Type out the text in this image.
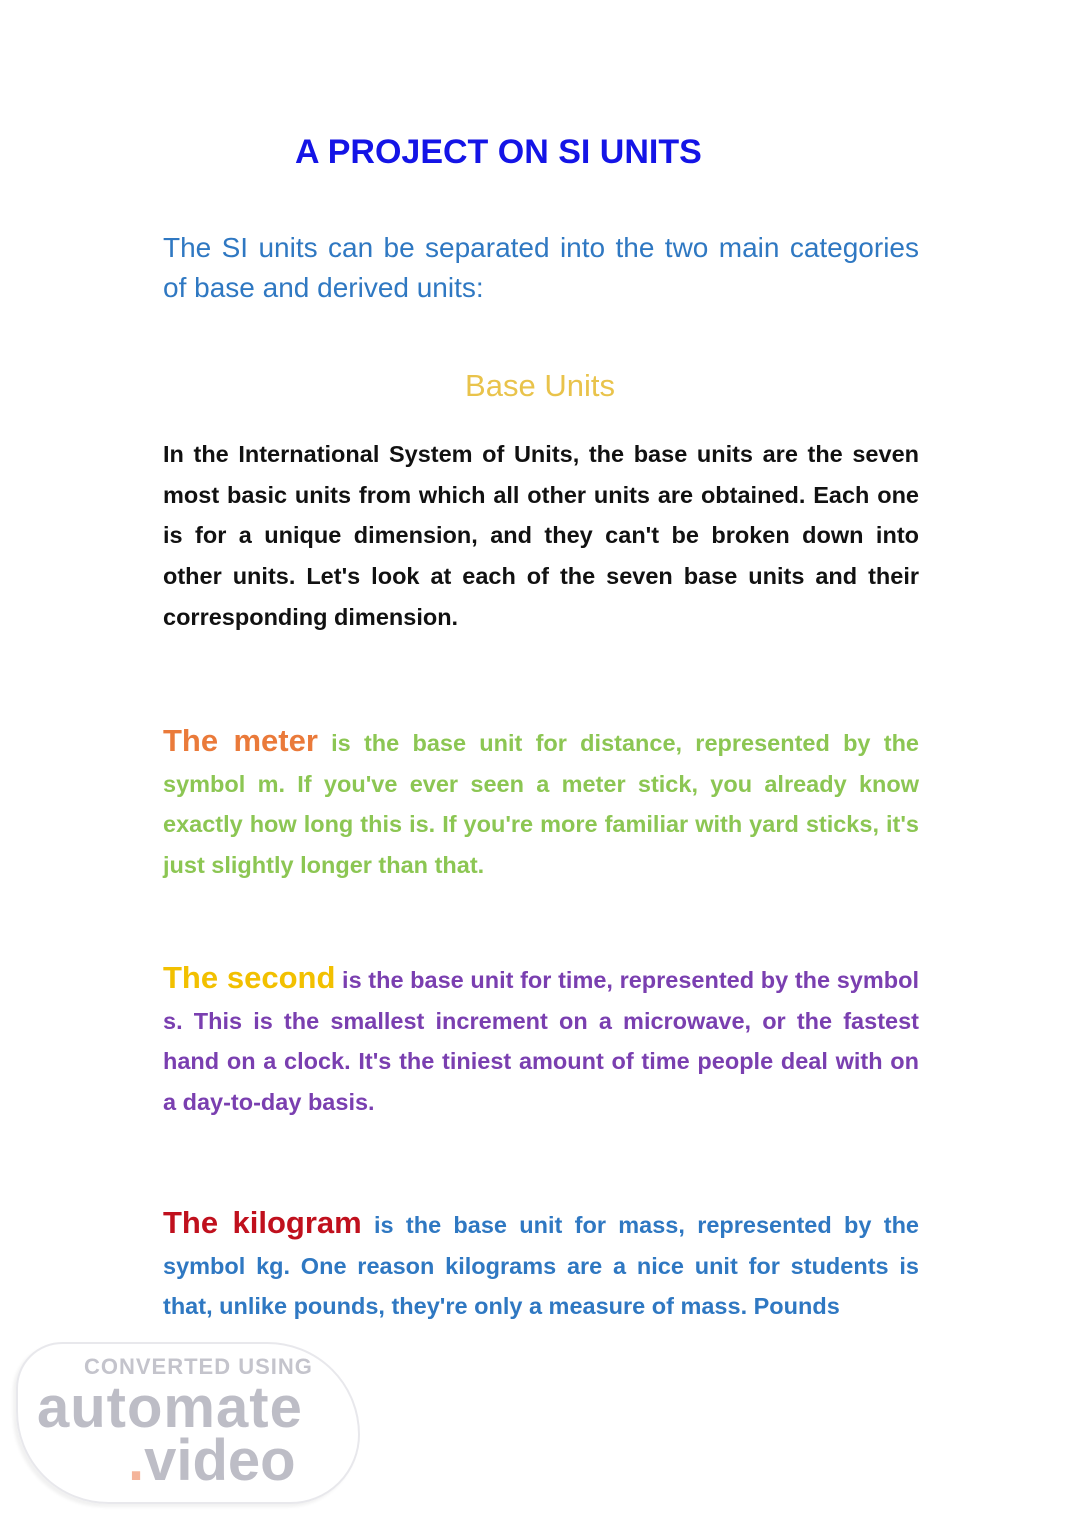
A PROJECT ON SI UNITS
The SI units can be separated into the two main categories of base and derived units:
Base Units
In the International System of Units, the base units are the seven most basic units from which all other units are obtained. Each one is for a unique dimension, and they can't be broken down into other units. Let's look at each of the seven base units and their corresponding dimension.
The meter is the base unit for distance, represented by the symbol m. If you've ever seen a meter stick, you already know exactly how long this is. If you're more familiar with yard sticks, it's just slightly longer than that.
The second is the base unit for time, represented by the symbol s. This is the smallest increment on a microwave, or the fastest hand on a clock. It's the tiniest amount of time people deal with on a day-to-day basis.
The kilogram is the base unit for mass, represented by the symbol kg. One reason kilograms are a nice unit for students is that, unlike pounds, they're only a measure of mass. Pounds
CONVERTED USING
automate
.video
